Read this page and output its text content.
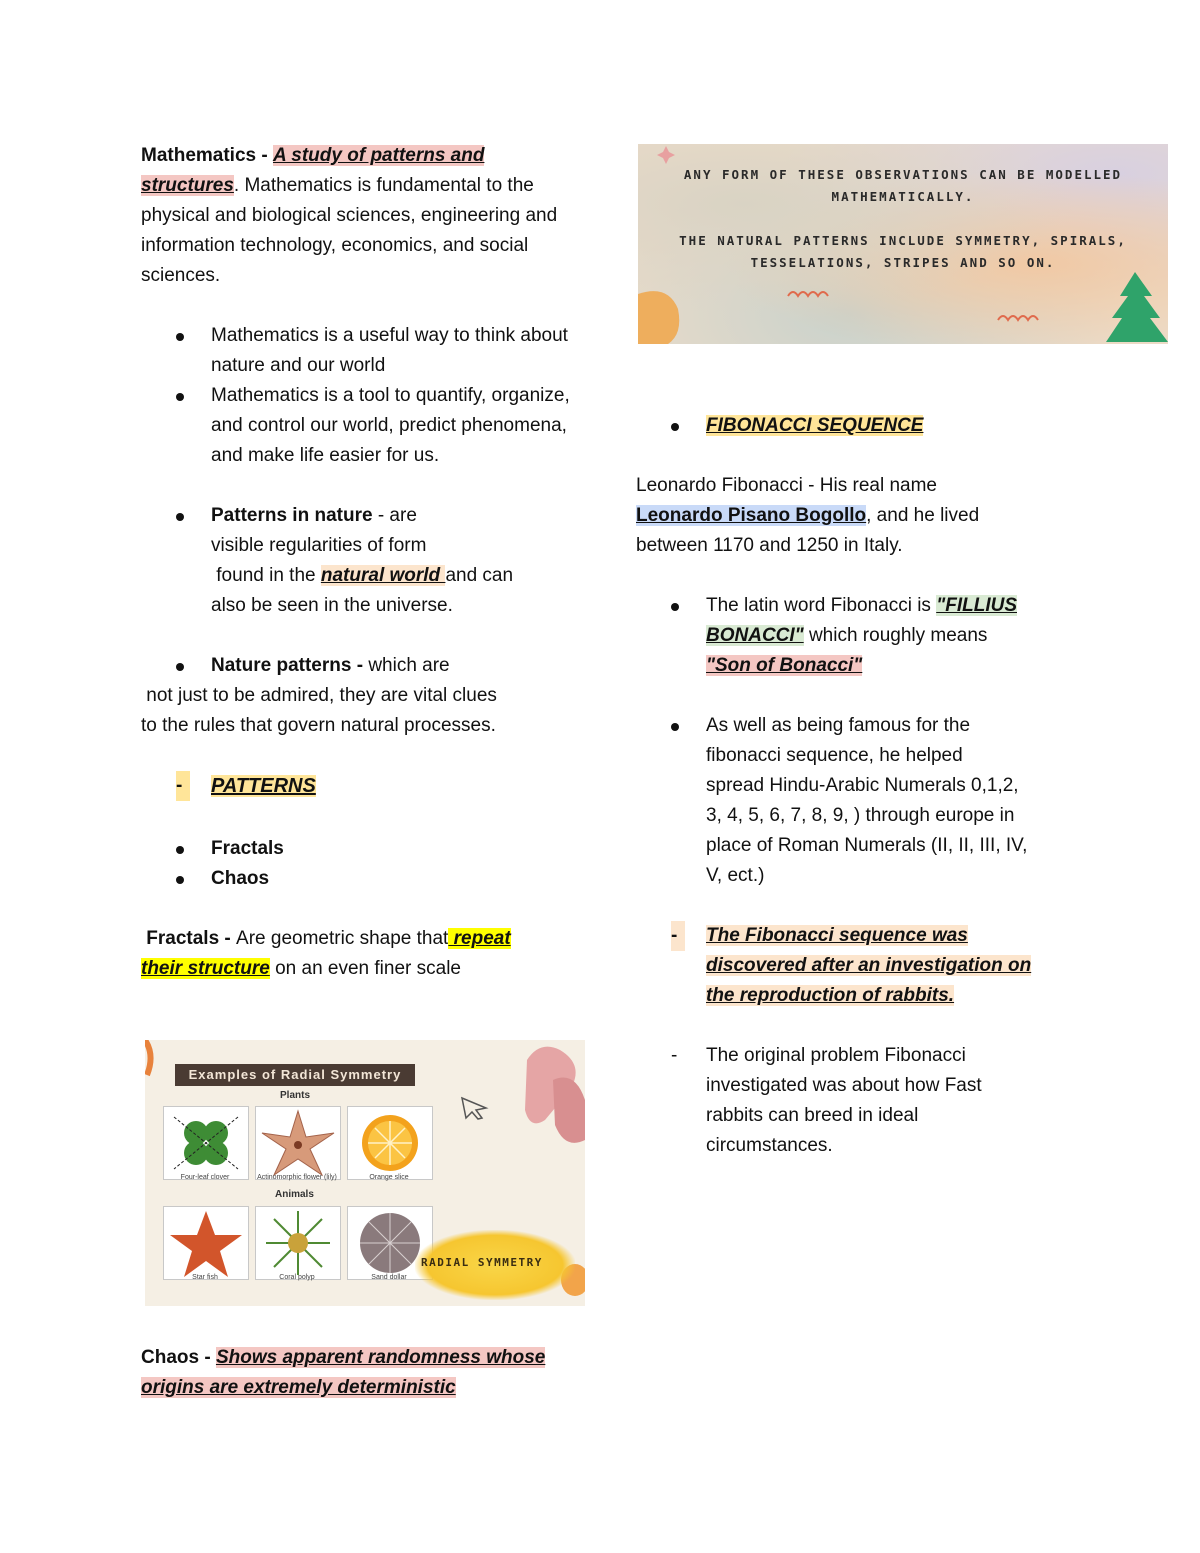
Mathematics - A study of patterns and structures. Mathematics is fundamental to the physical and biological sciences, engineering and information technology, economics, and social sciences.

Mathematics is a useful way to think about nature and our world
Mathematics is a tool to quantify, organize, and control our world, predict phenomena, and make life easier for us.
Patterns in nature - are
visible regularities of form
found in the natural world and can
also be seen in the universe.
Nature patterns - which are

not just to be admired, they are vital clues

to the rules that govern natural processes.

-	PATTERNS
Fractals
Chaos

Fractals - Are geometric shape that repeat
their structure on an even finer scale

Examples of Radial Symmetry
Plants
Four-leaf clover	Actinomorphic flower (lily)	Orange slice
Animals
Star fish	Coral polyp	Sand dollar
RADIAL SYMMETRY

Chaos - Shows apparent randomness whose

origins are extremely deterministic

ANY FORM OF THESE OBSERVATIONS CAN BE MODELLED
MATHEMATICALLY.
THE NATURAL PATTERNS INCLUDE SYMMETRY, SPIRALS,
TESSELATIONS, STRIPES AND SO ON.
FIBONACCI SEQUENCE

Leonardo Fibonacci - His real name
Leonardo Pisano Bogollo, and he lived
between 1170 and 1250 in Italy.

The latin word Fibonacci is "FILLIUS
BONACCI" which roughly means
"Son of Bonacci"
As well as being famous for the
fibonacci sequence, he helped
spread Hindu-Arabic Numerals 0,1,2,
3, 4, 5, 6, 7, 8, 9, ) through europe in
place of Roman Numerals (II, II, III, IV,
V, ect.)
-	The Fibonacci sequence was
discovered after an investigation on
the reproduction of rabbits.
- The original problem Fibonacci
investigated was about how Fast
rabbits can breed in ideal
circumstances.
